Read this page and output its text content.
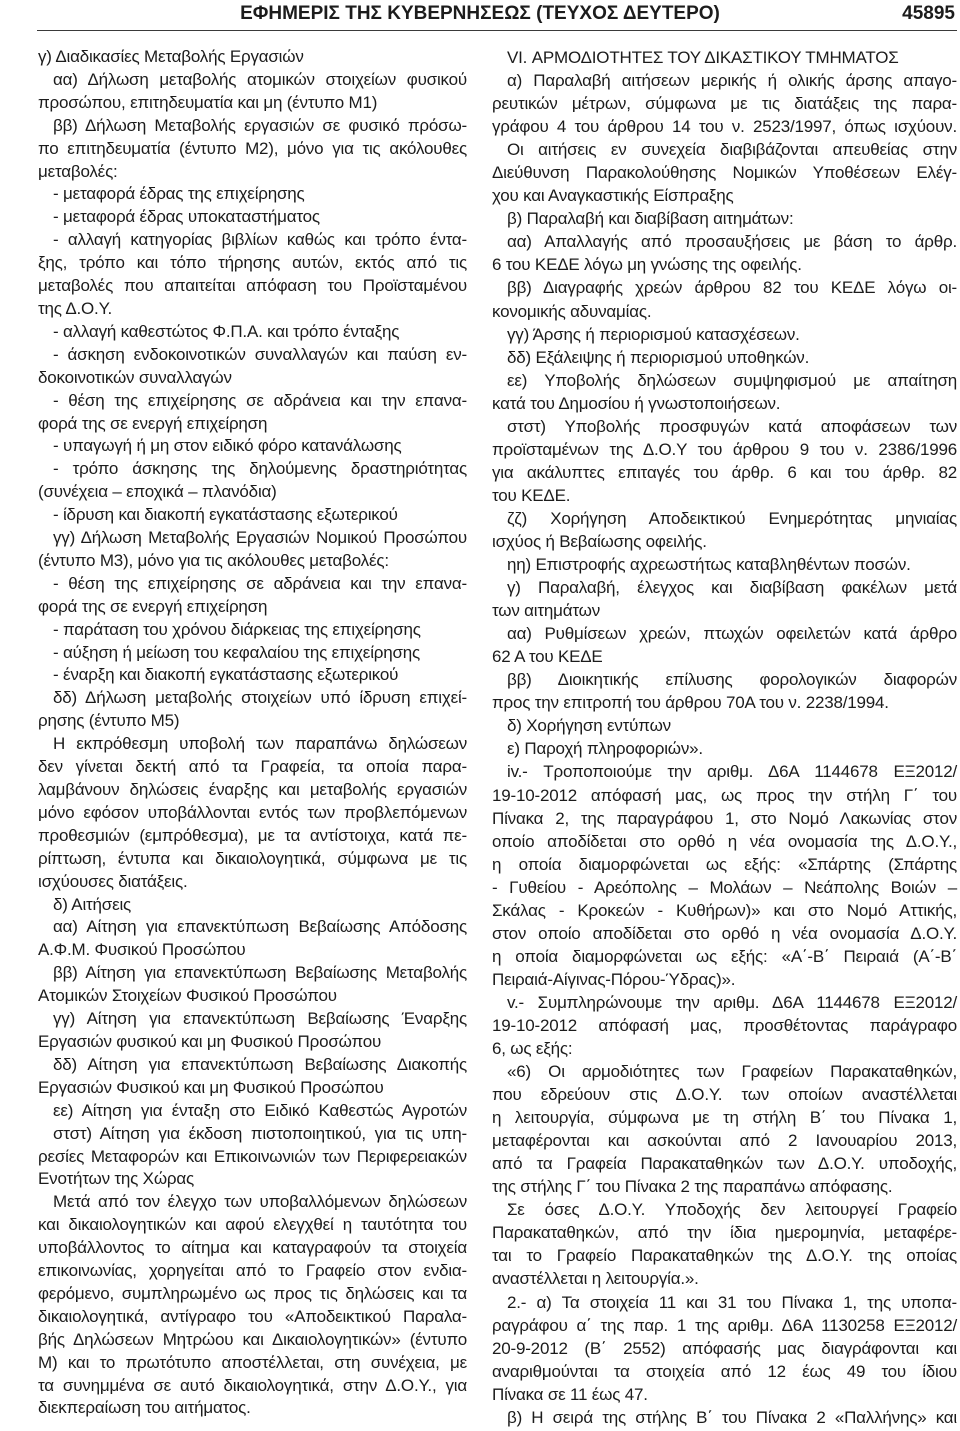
ΕΦΗΜΕΡΙΣ ΤΗΣ ΚΥΒΕΡΝΗΣΕΩΣ (ΤΕΥΧΟΣ ΔΕΥΤΕΡΟ)	45895
γ) Διαδικασίες Μεταβολής Εργασιών
αα) Δήλωση μεταβολής ατομικών στοιχείων φυσικού
προσώπου, επιτηδευματία και μη (έντυπο Μ1)
ββ) Δήλωση Μεταβολής εργασιών σε φυσικό πρόσω-
πο επιτηδευματία (έντυπο Μ2), μόνο για τις ακόλουθες
μεταβολές:
- μεταφορά έδρας της επιχείρησης
- μεταφορά έδρας υποκαταστήματος
- αλλαγή κατηγορίας βιβλίων καθώς και τρόπο έντα-
ξης, τρόπο και τόπο τήρησης αυτών, εκτός από τις
μεταβολές που απαιτείται απόφαση του Προϊσταμένου
της Δ.Ο.Υ.
- αλλαγή καθεστώτος Φ.Π.Α. και τρόπο ένταξης
- άσκηση ενδοκοινοτικών συναλλαγών και παύση εν-
δοκοινοτικών συναλλαγών
- θέση της επιχείρησης σε αδράνεια και την επανα-
φορά της σε ενεργή επιχείρηση
- υπαγωγή ή μη στον ειδικό φόρο κατανάλωσης
- τρόπο άσκησης της δηλούμενης δραστηριότητας
(συνέχεια – εποχικά – πλανόδια)
- ίδρυση και διακοπή εγκατάστασης εξωτερικού
γγ) Δήλωση Μεταβολής Εργασιών Νομικού Προσώπου
(έντυπο Μ3), μόνο για τις ακόλουθες μεταβολές:
- θέση της επιχείρησης σε αδράνεια και την επανα-
φορά της σε ενεργή επιχείρηση
- παράταση του χρόνου διάρκειας της επιχείρησης
- αύξηση ή μείωση του κεφαλαίου της επιχείρησης
- έναρξη και διακοπή εγκατάστασης εξωτερικού
δδ) Δήλωση μεταβολής στοιχείων υπό ίδρυση επιχεί-
ρησης (έντυπο Μ5)
Η εκπρόθεσμη υποβολή των παραπάνω δηλώσεων
δεν γίνεται δεκτή από τα Γραφεία, τα οποία παρα-
λαμβάνουν δηλώσεις έναρξης και μεταβολής εργασιών
μόνο εφόσον υποβάλλονται εντός των προβλεπόμενων
προθεσμιών (εμπρόθεσμα), με τα αντίστοιχα, κατά πε-
ρίπτωση, έντυπα και δικαιολογητικά, σύμφωνα με τις
ισχύουσες διατάξεις.
δ) Αιτήσεις
αα) Αίτηση για επανεκτύπωση Βεβαίωσης Απόδοσης
Α.Φ.Μ. Φυσικού Προσώπου
ββ) Αίτηση για επανεκτύπωση Βεβαίωσης Μεταβολής
Ατομικών Στοιχείων Φυσικού Προσώπου
γγ) Αίτηση για επανεκτύπωση Βεβαίωσης Έναρξης
Εργασιών φυσικού και μη Φυσικού Προσώπου
δδ) Αίτηση για επανεκτύπωση Βεβαίωσης Διακοπής
Εργασιών Φυσικού και μη Φυσικού Προσώπου
εε) Αίτηση για ένταξη στο Ειδικό Καθεστώς Αγροτών
στστ) Αίτηση για έκδοση πιστοποιητικού, για τις υπη-
ρεσίες Μεταφορών και Επικοινωνιών των Περιφερειακών
Ενοτήτων της Χώρας
Μετά από τον έλεγχο των υποβαλλόμενων δηλώσεων
και δικαιολογητικών και αφού ελεγχθεί η ταυτότητα του
υποβάλλοντος το αίτημα και καταγραφούν τα στοιχεία
επικοινωνίας, χορηγείται από το Γραφείο στον ενδια-
φερόμενο, συμπληρωμένο ως προς τις δηλώσεις και τα
δικαιολογητικά, αντίγραφο του «Αποδεικτικού Παραλα-
βής Δηλώσεων Μητρώου και Δικαιολογητικών» (έντυπο
Μ) και το πρωτότυπο αποστέλλεται, στη συνέχεια, με
τα συνημμένα σε αυτό δικαιολογητικά, στην Δ.Ο.Υ., για
διεκπεραίωση του αιτήματος.
VI. ΑΡΜΟΔΙΟΤΗΤΕΣ ΤΟΥ ΔΙΚΑΣΤΙΚΟΥ ΤΜΗΜΑΤΟΣ
α) Παραλαβή αιτήσεων μερικής ή ολικής άρσης απαγο-
ρευτικών μέτρων, σύμφωνα με τις διατάξεις της παρα-
γράφου 4 του άρθρου 14 του ν. 2523/1997, όπως ισχύουν.
Οι αιτήσεις εν συνεχεία διαβιβάζονται απευθείας στην
Διεύθυνση Παρακολούθησης Νομικών Υποθέσεων Ελέγ-
χου και Αναγκαστικής Είσπραξης
β) Παραλαβή και διαβίβαση αιτημάτων:
αα) Απαλλαγής από προσαυξήσεις με βάση το άρθρ.
6 του ΚΕΔΕ λόγω μη γνώσης της οφειλής.
ββ) Διαγραφής χρεών άρθρου 82 του ΚΕΔΕ λόγω οι-
κονομικής αδυναμίας.
γγ) Άρσης ή περιορισμού κατασχέσεων.
δδ) Εξάλειψης ή περιορισμού υποθηκών.
εε) Υποβολής δηλώσεων συμψηφισμού με απαίτηση
κατά του Δημοσίου ή γνωστοποιήσεων.
στστ) Υποβολής προσφυγών κατά αποφάσεων των
προϊσταμένων της Δ.Ο.Υ του άρθρου 9 του ν. 2386/1996
για ακάλυπτες επιταγές του άρθρ. 6 και του άρθρ. 82
του ΚΕΔΕ.
ζζ) Χορήγηση Αποδεικτικού Ενημερότητας μηνιαίας
ισχύος ή Βεβαίωσης οφειλής.
ηη) Επιστροφής αχρεωστήτως καταβληθέντων ποσών.
γ) Παραλαβή, έλεγχος και διαβίβαση φακέλων μετά
των αιτημάτων
αα) Ρυθμίσεων χρεών, πτωχών οφειλετών κατά άρθρο
62 Α του ΚΕΔΕ
ββ) Διοικητικής επίλυσης φορολογικών διαφορών
προς την επιτροπή του άρθρου 70Α του ν. 2238/1994.
δ) Χορήγηση εντύπων
ε) Παροχή πληροφοριών».
iv.- Τροποποιούμε την αριθμ. Δ6Α 1144678 ΕΞ2012/
19-10-2012 απόφασή μας, ως προς την στήλη Γ΄ του
Πίνακα 2, της παραγράφου 1, στο Νομό Λακωνίας στον
οποίο αποδίδεται στο ορθό η νέα ονομασία της Δ.Ο.Υ.,
η οποία διαμορφώνεται ως εξής: «Σπάρτης (Σπάρτης
- Γυθείου - Αρεόπολης – Μολάων – Νεάπολης Βοιών –
Σκάλας - Κροκεών - Κυθήρων)» και στο Νομό Αττικής,
στον οποίο αποδίδεται στο ορθό η νέα ονομασία Δ.Ο.Υ.
η οποία διαμορφώνεται ως εξής: «Α΄-Β΄ Πειραιά (Α΄-Β΄
Πειραιά-Αίγινας-Πόρου-Ύδρας)».
v.- Συμπληρώνουμε την αριθμ. Δ6Α 1144678 ΕΞ2012/
19-10-2012 απόφασή μας, προσθέτοντας παράγραφο
6, ως εξής:
«6) Οι αρμοδιότητες των Γραφείων Παρακαταθηκών,
που εδρεύουν στις Δ.Ο.Υ. των οποίων αναστέλλεται
η λειτουργία, σύμφωνα με τη στήλη Β΄ του Πίνακα 1,
μεταφέρονται και ασκούνται από 2 Ιανουαρίου 2013,
από τα Γραφεία Παρακαταθηκών των Δ.Ο.Υ. υποδοχής,
της στήλης Γ΄ του Πίνακα 2 της παραπάνω απόφασης.
Σε όσες Δ.Ο.Υ. Υποδοχής δεν λειτουργεί Γραφείο
Παρακαταθηκών, από την ίδια ημερομηνία, μεταφέρε-
ται το Γραφείο Παρακαταθηκών της Δ.Ο.Υ. της οποίας
αναστέλλεται η λειτουργία.».
2.- α) Τα στοιχεία 11 και 31 του Πίνακα 1, της υποπα-
ραγράφου α΄ της παρ. 1 της αριθμ. Δ6Α 1130258 ΕΞ2012/
20-9-2012 (Β΄ 2552) απόφασής μας διαγράφονται και
αναριθμούνται τα στοιχεία από 12 έως 49 του ίδιου
Πίνακα σε 11 έως 47.
β) Η σειρά της στήλης Β΄ του Πίνακα 2 «Παλλήνης» και
